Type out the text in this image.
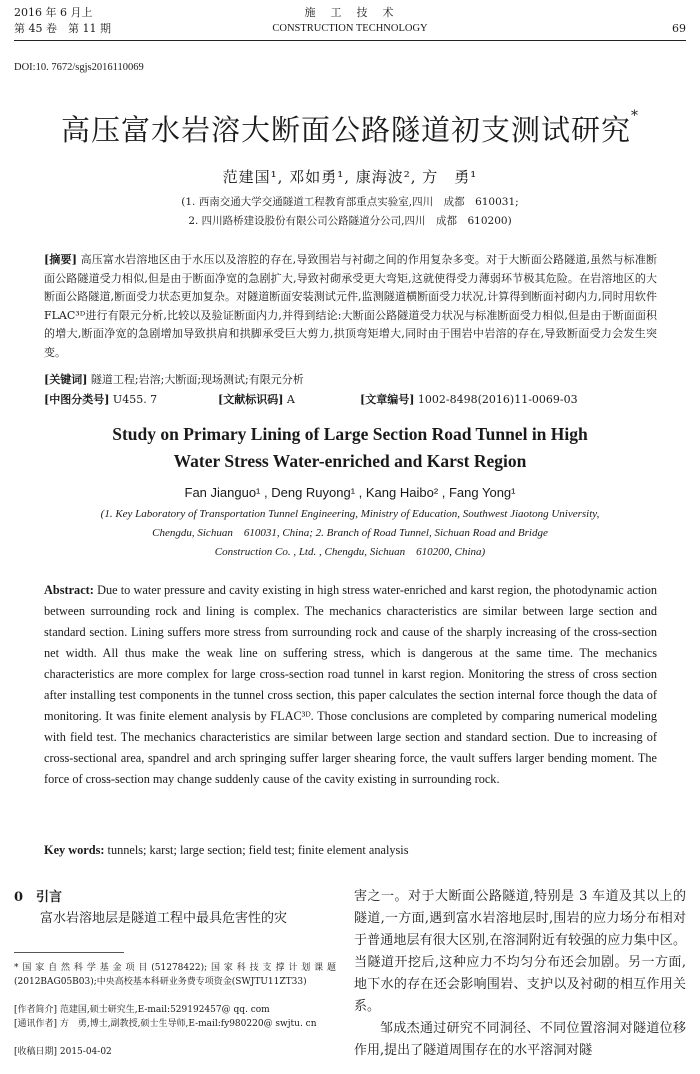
2016 年 6 月上
第 45 卷　第 11 期
施　工　技　术
CONSTRUCTION TECHNOLOGY	69
DOI:10. 7672/sgjs2016110069
高压富水岩溶大断面公路隧道初支测试研究*
范建国¹, 邓如勇¹, 康海波², 方　勇¹
(1. 西南交通大学交通隧道工程教育部重点实验室,四川　成都　610031;
2. 四川路桥建设股份有限公司公路隧道分公司,四川　成都　610200)
[摘要] 高压富水岩溶地区由于水压以及溶腔的存在,导致围岩与衬砌之间的作用复杂多变。对于大断面公路隧道,虽然与标准断面公路隧道受力相似,但是由于断面净宽的急剧扩大,导致衬砌承受更大弯矩,这就使得受力薄弱环节极其危险。在岩溶地区的大断面公路隧道,断面受力状态更加复杂。对隧道断面安装测试元件,监测隧道横断面受力状况,计算得到断面衬砌内力,同时用软件 FLAC³ᴰ进行有限元分析,比较以及验证断面内力,并得到结论:大断面公路隧道受力状况与标准断面受力相似,但是由于断面面积的增大,断面净宽的急剧增加导致拱肩和拱脚承受巨大剪力,拱顶弯矩增大,同时由于围岩中岩溶的存在,导致断面受力会发生突变。
[关键词] 隧道工程;岩溶;大断面;现场测试;有限元分析
[中图分类号] U455. 7	[文献标识码] A	[文章编号] 1002-8498(2016)11-0069-03
Study on Primary Lining of Large Section Road Tunnel in High
Water Stress Water-enriched and Karst Region
Fan Jianguo¹ , Deng Ruyong¹ , Kang Haibo² , Fang Yong¹
(1. Key Laboratory of Transportation Tunnel Engineering, Ministry of Education, Southwest Jiaotong University,
Chengdu, Sichuan　610031, China; 2. Branch of Road Tunnel, Sichuan Road and Bridge
Construction Co. , Ltd. , Chengdu, Sichuan　610200, China)
Abstract: Due to water pressure and cavity existing in high stress water-enriched and karst region, the photodynamic action between surrounding rock and lining is complex. The mechanics characteristics are similar between large section and standard section. Lining suffers more stress from surrounding rock and cause of the sharply increasing of the cross-section net width. All thus make the weak line on suffering stress, which is dangerous at the same time. The mechanics characteristics are more complex for large cross-section road tunnel in karst region. Monitoring the stress of cross section after installing test components in the tunnel cross section, this paper calculates the section internal force though the data of monitoring. It was finite element analysis by FLAC³ᴰ. Those conclusions are completed by comparing numerical modeling with field test. The mechanics characteristics are similar between large section and standard section. Due to increasing of cross-sectional area, spandrel and arch springing suffer larger shearing force, the vault suffers larger bending moment. The force of cross-section may change suddenly cause of the cavity existing in surrounding rock.
Key words: tunnels; karst; large section; field test; finite element analysis
0　引言
富水岩溶地层是隧道工程中最具危害性的灾
*国家自然科学基金项目(51278422);国家科技支撑计划课题(2012BAG05B03);中央高校基本科研业务费专项资金(SWJTU11ZT33)
[作者简介] 范建国,硕士研究生,E-mail:529192457@ qq. com
[通讯作者] 方　勇,博士,副教授,硕士生导师,E-mail:fy980220@ swjtu. cn
[收稿日期] 2015-04-02
害之一。对于大断面公路隧道,特别是 3 车道及其以上的隧道,一方面,遇到富水岩溶地层时,围岩的应力场分布相对于普通地层有很大区别,在溶洞附近有较强的应力集中区。当隧道开挖后,这种应力不均匀分布还会加剧。另一方面,地下水的存在还会影响围岩、支护以及衬砌的相互作用关系。
邹成杰通过研究不同洞径、不同位置溶洞对隧道位移作用,提出了隧道周围存在的水平溶洞对隧
